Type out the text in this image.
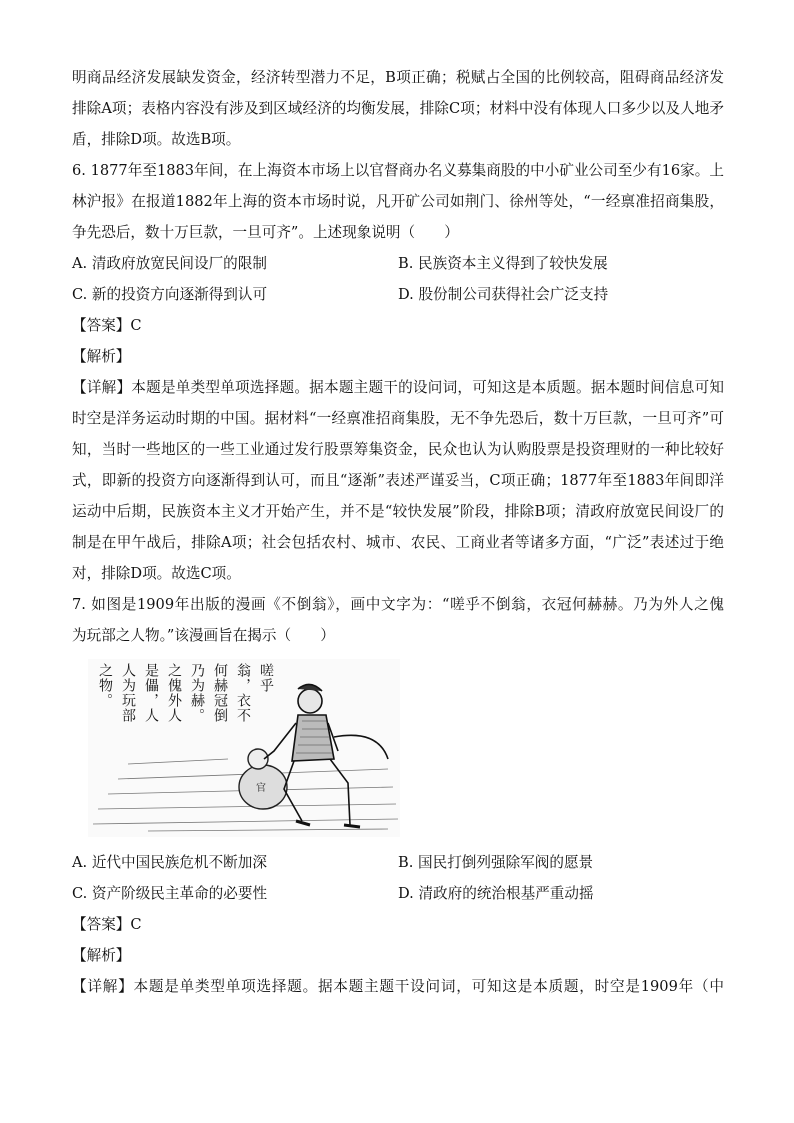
明商品经济发展缺发资金，经济转型潜力不足，B项正确；税赋占全国的比例较高，阻碍商品经济发
排除A项；表格内容没有涉及到区域经济的均衡发展，排除C项；材料中没有体现人口多少以及人地矛
盾，排除D项。故选B项。
6. 1877年至1883年间，在上海资本市场上以官督商办名义募集商股的中小矿业公司至少有16家。上
林沪报》在报道1882年上海的资本市场时说，凡开矿公司如荆门、徐州等处，“一经禀准招商集股，
争先恐后，数十万巨款，一旦可齐”。上述现象说明（　　）
A. 清政府放宽民间设厂的限制	B. 民族资本主义得到了较快发展
C. 新的投资方向逐渐得到认可	D. 股份制公司获得社会广泛支持
【答案】C
【解析】
【详解】本题是单类型单项选择题。据本题主题干的设问词，可知这是本质题。据本题时间信息可知
时空是洋务运动时期的中国。据材料“一经禀准招商集股，无不争先恐后，数十万巨款，一旦可齐”可
知，当时一些地区的一些工业通过发行股票筹集资金，民众也认为认购股票是投资理财的一种比较好
式，即新的投资方向逐渐得到认可，而且“逐渐”表述严谨妥当，C项正确；1877年至1883年间即洋
运动中后期，民族资本主义才开始产生，并不是“较快发展”阶段，排除B项；清政府放宽民间设厂的
制是在甲午战后，排除A项；社会包括农村、城市、农民、工商业者等诸多方面，“广泛”表述过于绝
对，排除D项。故选C项。
7. 如图是1909年出版的漫画《不倒翁》，画中文字为：“嗟乎不倒翁，衣冠何赫赫。乃为外人之傀
为玩部之人物。”该漫画旨在揭示（　　）
官
嗟乎
翁，衣不
何赫冠倒
乃为赫。
之傀外人
是儡，人
人为玩部
之物。
A. 近代中国民族危机不断加深	B. 国民打倒列强除军阀的愿景
C. 资产阶级民主革命的必要性	D. 清政府的统治根基严重动摇
【答案】C
【解析】
【详解】本题是单类型单项选择题。据本题主题干设问词，可知这是本质题，时空是1909年（中
